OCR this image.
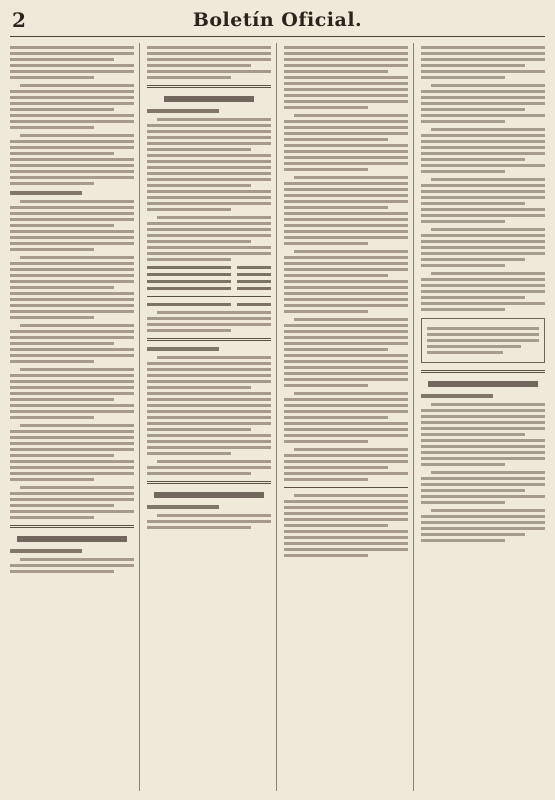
2	Boletín Oficial.
